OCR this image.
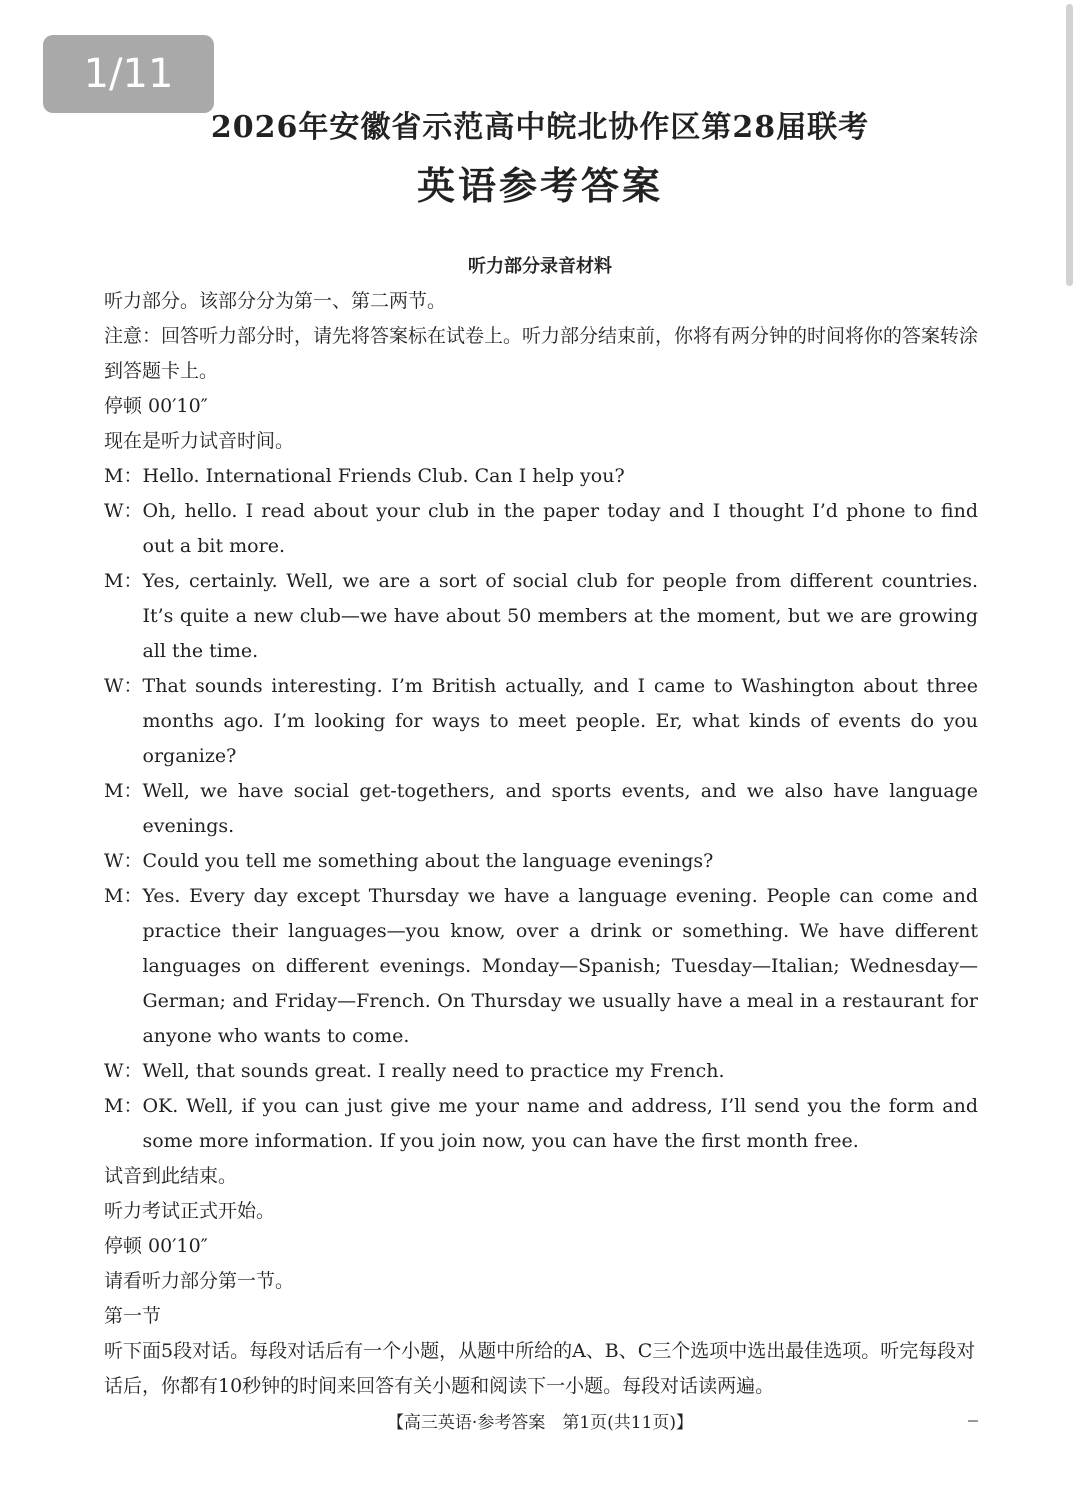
1/11
2026年安徽省示范高中皖北协作区第28届联考
英语参考答案
听力部分录音材料

听力部分。该部分分为第一、第二两节。

注意：回答听力部分时，请先将答案标在试卷上。听力部分结束前，你将有两分钟的时间将你的答案转涂到答题卡上。

停顿 00′10″

现在是听力试音时间。

M： Hello. International Friends Club. Can I help you?
W： Oh, hello. I read about your club in the paper today and I thought I’d phone to find out a bit more.
M： Yes, certainly. Well, we are a sort of social club for people from different countries. It’s quite a new club—we have about 50 members at the moment, but we are growing all the time.
W： That sounds interesting. I’m British actually, and I came to Washington about three months ago. I’m looking for ways to meet people. Er, what kinds of events do you organize?
M： Well, we have social get-togethers, and sports events, and we also have language evenings.
W： Could you tell me something about the language evenings?
M： Yes. Every day except Thursday we have a language evening. People can come and practice their languages—you know, over a drink or something. We have different languages on different evenings. Monday—Spanish; Tuesday—Italian; Wednesday—German; and Friday—French. On Thursday we usually have a meal in a restaurant for anyone who wants to come.
W： Well, that sounds great. I really need to practice my French.
M： OK. Well, if you can just give me your name and address, I’ll send you the form and some more information. If you join now, you can have the first month free.

试音到此结束。

听力考试正式开始。

停顿 00′10″

请看听力部分第一节。

第一节

听下面5段对话。每段对话后有一个小题，从题中所给的A、B、C三个选项中选出最佳选项。听完每段对话后，你都有10秒钟的时间来回答有关小题和阅读下一小题。每段对话读两遍。

【高三英语·参考答案　第1页(共11页)】
